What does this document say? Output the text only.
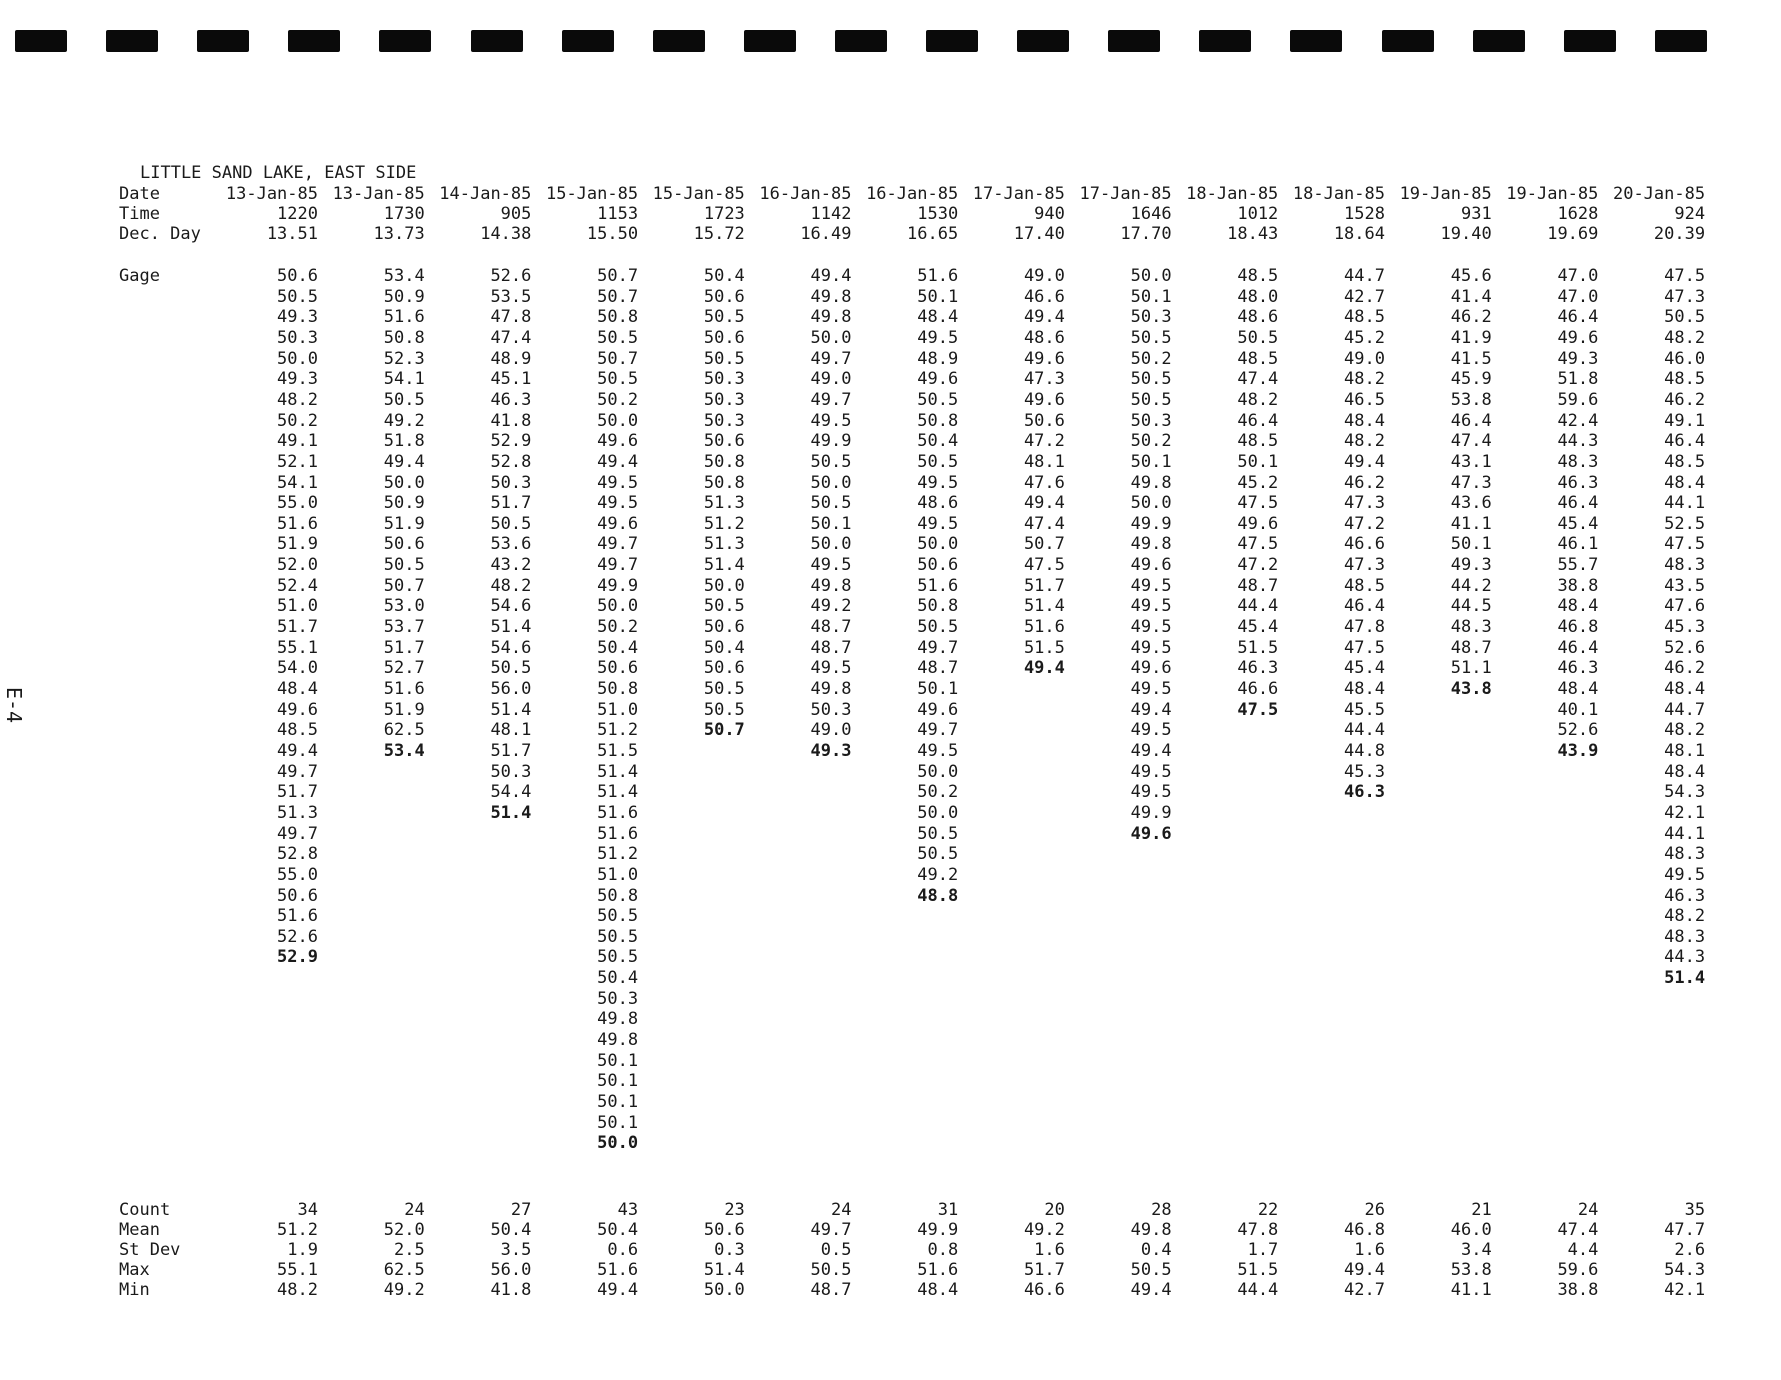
LITTLE SAND LAKE, EAST SIDE
Date
Time
Dec. Day
Gage
Count
Mean
St Dev
Max
Min
13-Jan-85
1220
13.51
50.6
50.5
49.3
50.3
50.0
49.3
48.2
50.2
49.1
52.1
54.1
55.0
51.6
51.9
52.0
52.4
51.0
51.7
55.1
54.0
48.4
49.6
48.5
49.4
49.7
51.7
51.3
49.7
52.8
55.0
50.6
51.6
52.6
52.9
34
51.2
1.9
55.1
48.2
13-Jan-85
1730
13.73
53.4
50.9
51.6
50.8
52.3
54.1
50.5
49.2
51.8
49.4
50.0
50.9
51.9
50.6
50.5
50.7
53.0
53.7
51.7
52.7
51.6
51.9
62.5
53.4
24
52.0
2.5
62.5
49.2
14-Jan-85
905
14.38
52.6
53.5
47.8
47.4
48.9
45.1
46.3
41.8
52.9
52.8
50.3
51.7
50.5
53.6
43.2
48.2
54.6
51.4
54.6
50.5
56.0
51.4
48.1
51.7
50.3
54.4
51.4
27
50.4
3.5
56.0
41.8
15-Jan-85
1153
15.50
50.7
50.7
50.8
50.5
50.7
50.5
50.2
50.0
49.6
49.4
49.5
49.5
49.6
49.7
49.7
49.9
50.0
50.2
50.4
50.6
50.8
51.0
51.2
51.5
51.4
51.4
51.6
51.6
51.2
51.0
50.8
50.5
50.5
50.5
50.4
50.3
49.8
49.8
50.1
50.1
50.1
50.1
50.0
43
50.4
0.6
51.6
49.4
15-Jan-85
1723
15.72
50.4
50.6
50.5
50.6
50.5
50.3
50.3
50.3
50.6
50.8
50.8
51.3
51.2
51.3
51.4
50.0
50.5
50.6
50.4
50.6
50.5
50.5
50.7
23
50.6
0.3
51.4
50.0
16-Jan-85
1142
16.49
49.4
49.8
49.8
50.0
49.7
49.0
49.7
49.5
49.9
50.5
50.0
50.5
50.1
50.0
49.5
49.8
49.2
48.7
48.7
49.5
49.8
50.3
49.0
49.3
24
49.7
0.5
50.5
48.7
16-Jan-85
1530
16.65
51.6
50.1
48.4
49.5
48.9
49.6
50.5
50.8
50.4
50.5
49.5
48.6
49.5
50.0
50.6
51.6
50.8
50.5
49.7
48.7
50.1
49.6
49.7
49.5
50.0
50.2
50.0
50.5
50.5
49.2
48.8
31
49.9
0.8
51.6
48.4
17-Jan-85
940
17.40
49.0
46.6
49.4
48.6
49.6
47.3
49.6
50.6
47.2
48.1
47.6
49.4
47.4
50.7
47.5
51.7
51.4
51.6
51.5
49.4
20
49.2
1.6
51.7
46.6
17-Jan-85
1646
17.70
50.0
50.1
50.3
50.5
50.2
50.5
50.5
50.3
50.2
50.1
49.8
50.0
49.9
49.8
49.6
49.5
49.5
49.5
49.5
49.6
49.5
49.4
49.5
49.4
49.5
49.5
49.9
49.6
28
49.8
0.4
50.5
49.4
18-Jan-85
1012
18.43
48.5
48.0
48.6
50.5
48.5
47.4
48.2
46.4
48.5
50.1
45.2
47.5
49.6
47.5
47.2
48.7
44.4
45.4
51.5
46.3
46.6
47.5
22
47.8
1.7
51.5
44.4
18-Jan-85
1528
18.64
44.7
42.7
48.5
45.2
49.0
48.2
46.5
48.4
48.2
49.4
46.2
47.3
47.2
46.6
47.3
48.5
46.4
47.8
47.5
45.4
48.4
45.5
44.4
44.8
45.3
46.3
26
46.8
1.6
49.4
42.7
19-Jan-85
931
19.40
45.6
41.4
46.2
41.9
41.5
45.9
53.8
46.4
47.4
43.1
47.3
43.6
41.1
50.1
49.3
44.2
44.5
48.3
48.7
51.1
43.8
21
46.0
3.4
53.8
41.1
19-Jan-85
1628
19.69
47.0
47.0
46.4
49.6
49.3
51.8
59.6
42.4
44.3
48.3
46.3
46.4
45.4
46.1
55.7
38.8
48.4
46.8
46.4
46.3
48.4
40.1
52.6
43.9
24
47.4
4.4
59.6
38.8
20-Jan-85
924
20.39
47.5
47.3
50.5
48.2
46.0
48.5
46.2
49.1
46.4
48.5
48.4
44.1
52.5
47.5
48.3
43.5
47.6
45.3
52.6
46.2
48.4
44.7
48.2
48.1
48.4
54.3
42.1
44.1
48.3
49.5
46.3
48.2
48.3
44.3
51.4
35
47.7
2.6
54.3
42.1
E-4
